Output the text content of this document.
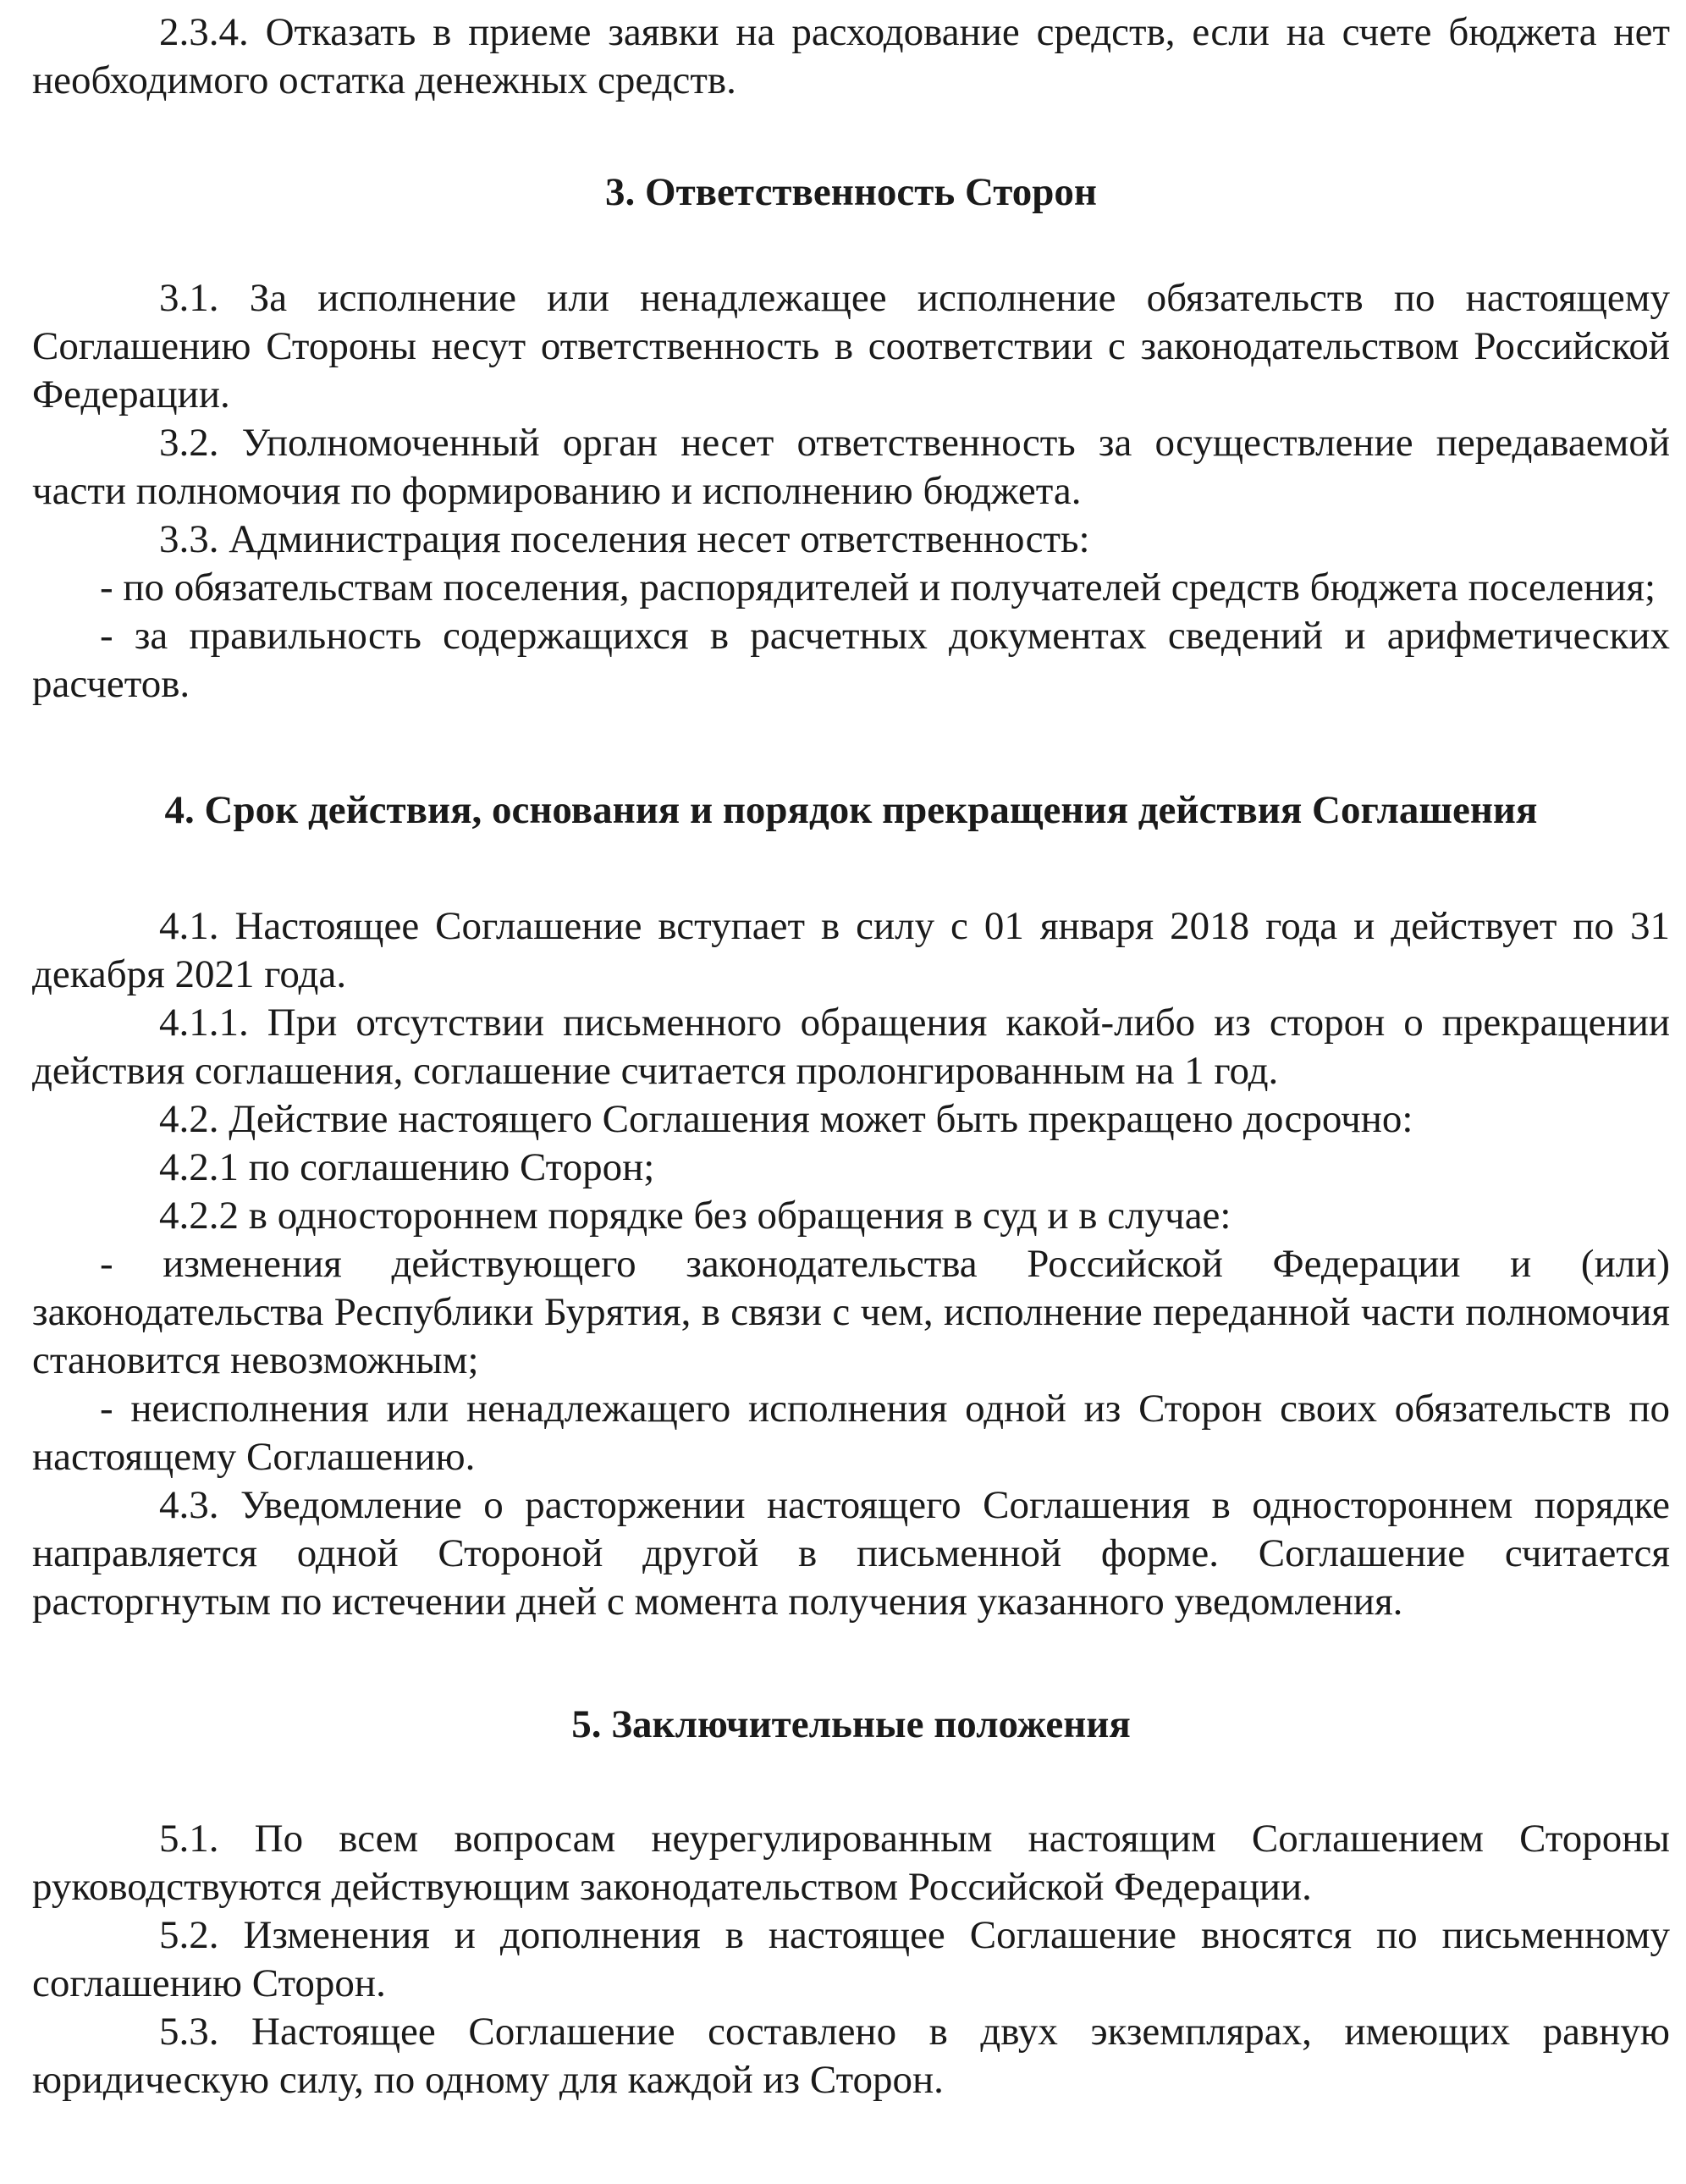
2.3.4. Отказать в приеме заявки на расходование средств, если на счете бюджета нет необходимого остатка денежных средств.

3. Ответственность Сторон

3.1. За исполнение или ненадлежащее исполнение обязательств по настоящему Соглашению Стороны несут ответственность в соответствии с законодательством Российской Федерации.

3.2. Уполномоченный орган несет ответственность за осуществление передаваемой части полномочия по формированию и исполнению бюджета.

3.3. Администрация поселения несет ответственность:

- по обязательствам поселения, распорядителей и получателей средств бюджета поселения;

- за правильность содержащихся в расчетных документах сведений и арифметических расчетов.

4. Срок действия, основания и порядок прекращения действия Соглашения

4.1. Настоящее Соглашение вступает в силу с 01 января 2018 года и действует по 31 декабря 2021 года.

4.1.1. При отсутствии письменного обращения какой-либо из сторон о прекращении действия соглашения, соглашение считается пролонгированным на 1 год.

4.2. Действие настоящего Соглашения может быть прекращено досрочно:

4.2.1 по соглашению Сторон;

4.2.2 в одностороннем порядке без обращения в суд и в случае:

- изменения действующего законодательства Российской Федерации и (или) законодательства Республики Бурятия, в связи с чем, исполнение переданной части полномочия становится невозможным;

- неисполнения или ненадлежащего исполнения одной из Сторон своих обязательств по настоящему Соглашению.

4.3. Уведомление о расторжении настоящего Соглашения в одностороннем порядке направляется одной Стороной другой в письменной форме. Соглашение считается расторгнутым по истечении дней с момента получения указанного уведомления.

5. Заключительные положения

5.1. По всем вопросам неурегулированным настоящим Соглашением Стороны руководствуются действующим законодательством Российской Федерации.

5.2. Изменения и дополнения в настоящее Соглашение вносятся по письменному соглашению Сторон.

5.3. Настоящее Соглашение составлено в двух экземплярах, имеющих равную юридическую силу, по одному для каждой из Сторон.
